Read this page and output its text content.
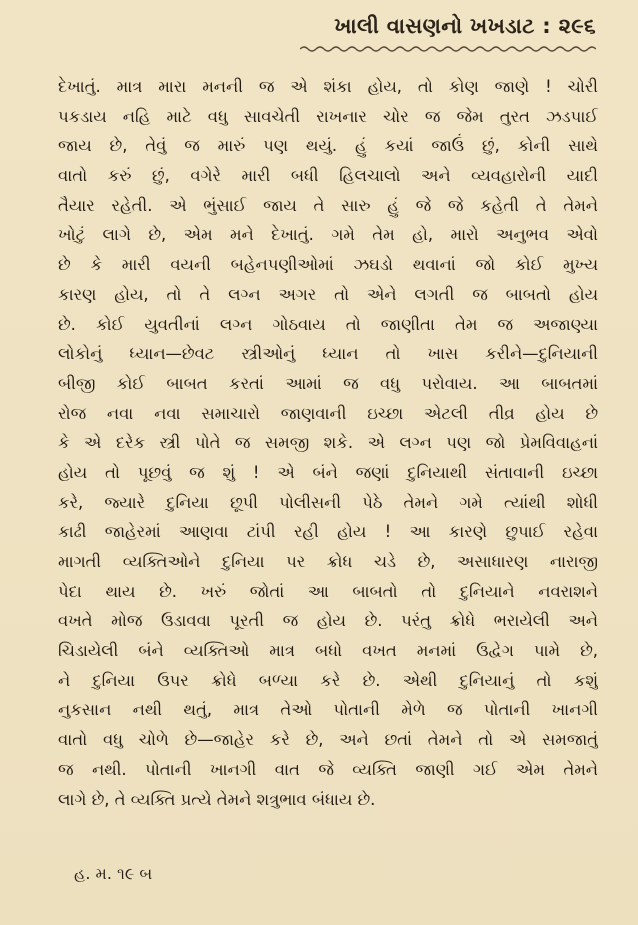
ખાલી વાસણનો ખખડાટ : ૨૯૬
દેખાતું. માત્ર મારા મનની જ એ શંકા હોય, તો કોણ જાણે ! ચોરી
પકડાય નહિ માટે વધુ સાવચેતી રાખનાર ચોર જ જેમ તુરત ઝડપાઈ
જાય છે, તેવું જ મારું પણ થયું. હું કયાં જાઉં છું, કોની સાથે
વાતો કરું છું, વગેરે મારી બધી હિલચાલો અને વ્યવહારોની યાદી
તૈયાર રહેતી. એ ભુંસાઈ જાય તે સારુ હું જે જે કહેતી તે તેમને
ખોટું લાગે છે, એમ મને દેખાતું. ગમે તેમ હો, મારો અનુભવ એવો
છે કે મારી વયની બહેનપણીઓમાં ઝઘડો થવાનાં જો કોઈ મુખ્ય
કારણ હોય, તો તે લગ્ન અગર તો એને લગતી જ બાબતો હોય
છે. કોઈ યુવતીનાં લગ્ન ગોઠવાય તો જાણીતા તેમ જ અજાણ્યા
લોકોનું ધ્યાન—છેવટ સ્ત્રીઓનું ધ્યાન તો ખાસ કરીને—દુનિયાની
બીજી કોઈ બાબત કરતાં આમાં જ વધુ પરોવાય. આ બાબતમાં
રોજ નવા નવા સમાચારો જાણવાની ઇચ્છા એટલી તીવ્ર હોય છે
કે એ દરેક સ્ત્રી પોતે જ સમજી શકે. એ લગ્ન પણ જો પ્રેમવિવાહનાં
હોય તો પૂછવું જ શું ! એ બંને જણાં દુનિયાથી સંતાવાની ઇચ્છા
કરે, જ્યારે દુનિયા છૂપી પોલીસની પેઠે તેમને ગમે ત્યાંથી શોધી
કાઢી જાહેરમાં આણવા ટાંપી રહી હોય ! આ કારણે છુપાઈ રહેવા
માગતી વ્યક્તિઓને દુનિયા પર ક્રોધ ચડે છે, અસાધારણ નારાજી
પેદા થાય છે. ખરું જોતાં આ બાબતો તો દુનિયાને નવરાશને
વખતે મોજ ઉડાવવા પૂરતી જ હોય છે. પરંતુ ક્રોધે ભરાયેલી અને
ચિડાયેલી બંને વ્યક્તિઓ માત્ર બધો વખત મનમાં ઉદ્વેગ પામે છે,
ને દુનિયા ઉપર ક્રોધે બળ્યા કરે છે. એથી દુનિયાનું તો કશું
નુકસાન નથી થતું, માત્ર તેઓ પોતાની મેળે જ પોતાની ખાનગી
વાતો વધુ ચોળે છે—જાહેર કરે છે, અને છતાં તેમને તો એ સમજાતું
જ નથી. પોતાની ખાનગી વાત જે વ્યક્તિ જાણી ગઈ એમ તેમને
લાગે છે, તે વ્યક્તિ પ્રત્યે તેમને શત્રુભાવ બંધાય છે.
હ. મ. ૧૯ બ
